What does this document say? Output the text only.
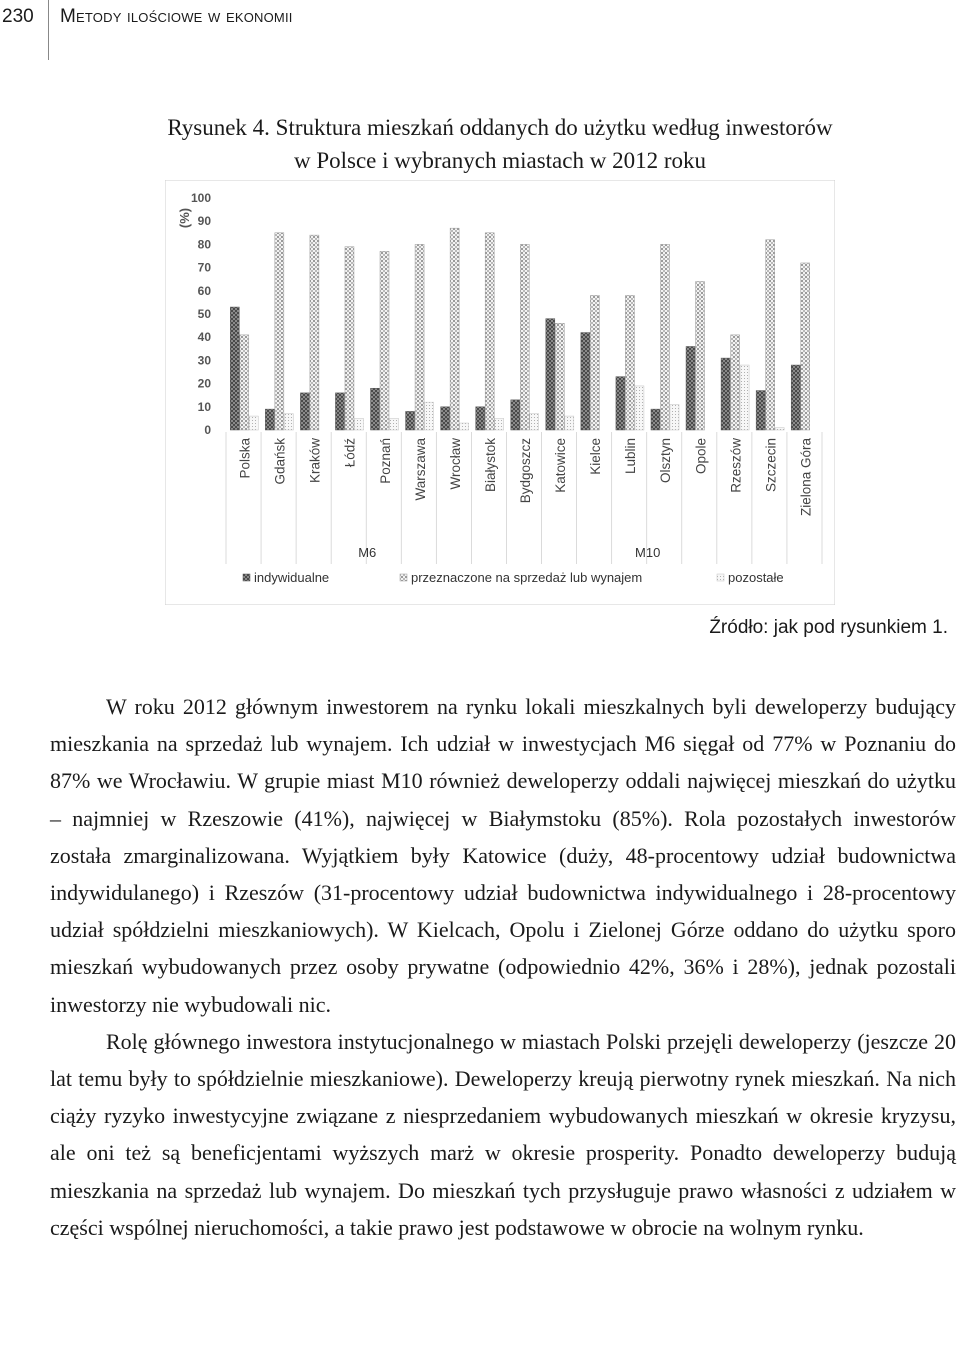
230 Metody ilościowe w ekonomii
Rysunek 4. Struktura mieszkań oddanych do użytku według inwestorów
w Polsce i wybranych miastach w 2012 roku
0
10
20
30
40
50
60
70
80
90
100
(%)
Polska Gdańsk Kraków Łódź Poznań Warszawa Wrocław Białystok Bydgoszcz Katowice Kielce Lublin Olsztyn Opole Rzeszów Szczecin Zielona Góra
M6	M10
indywidualne	przeznaczone na sprzedaż lub wynajem	pozostałe
Źródło: jak pod rysunkiem 1.

W roku 2012 głównym inwestorem na rynku lokali mieszkalnych byli deweloperzy budujący mieszkania na sprzedaż lub wynajem. Ich udział w inwestycjach M6 sięgał od 77% w Poznaniu do 87% we Wrocławiu. W grupie miast M10 również deweloperzy oddali najwięcej mieszkań do użytku – najmniej w Rzeszowie (41%), najwięcej w Białymstoku (85%). Rola pozostałych inwestorów została zmarginalizowana. Wyjątkiem były Katowice (duży, 48-procentowy udział budownictwa indywidulanego) i Rzeszów (31-procentowy udział budownictwa indywidualnego i 28-procentowy udział spółdzielni mieszkaniowych). W Kielcach, Opolu i Zielonej Górze oddano do użytku sporo mieszkań wybudowanych przez osoby prywatne (odpowiednio 42%, 36% i 28%), jednak pozostali inwestorzy nie wybudowali nic.

Rolę głównego inwestora instytucjonalnego w miastach Polski przejęli deweloperzy (jeszcze 20 lat temu były to spółdzielnie mieszkaniowe). Deweloperzy kreują pierwotny rynek mieszkań. Na nich ciąży ryzyko inwestycyjne związane z niesprzedaniem wybudowanych mieszkań w okresie kryzysu, ale oni też są beneficjentami wyższych marż w okresie prosperity. Ponadto deweloperzy budują mieszkania na sprzedaż lub wynajem. Do mieszkań tych przysługuje prawo własności z udziałem w części wspólnej nieruchomości, a takie prawo jest podstawowe w obrocie na wolnym rynku.
